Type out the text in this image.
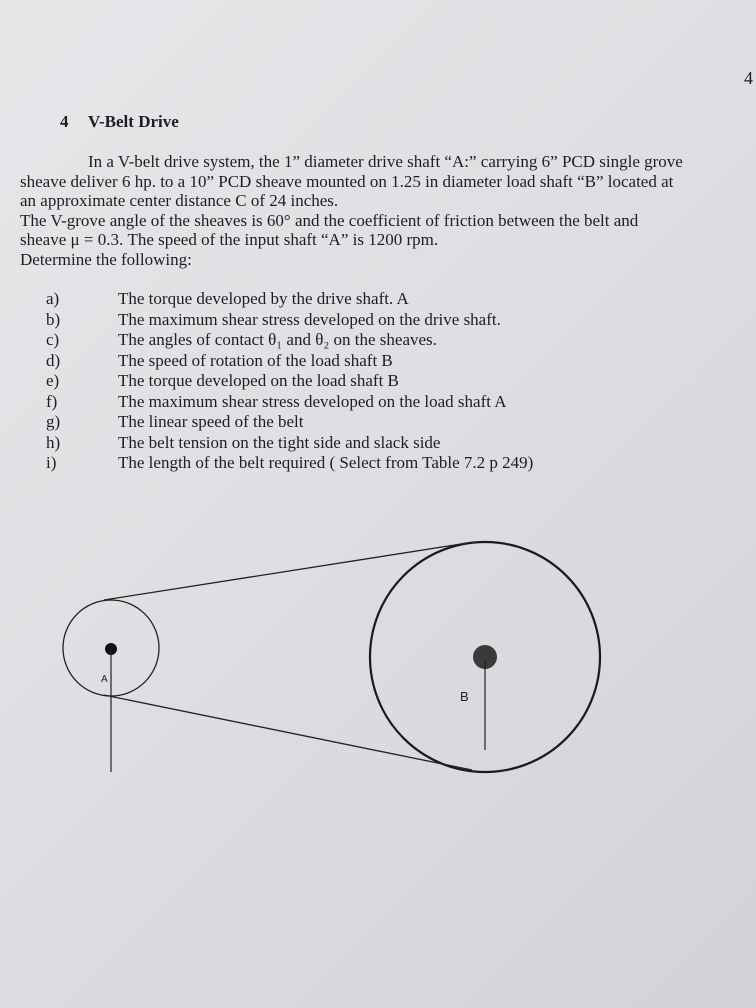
4
4 V-Belt Drive
In a V-belt drive system, the 1” diameter drive shaft “A:” carrying 6” PCD single grove
sheave deliver 6 hp. to a 10” PCD sheave mounted on 1.25 in diameter load shaft “B” located at
an approximate center distance C of 24 inches.
The V-grove angle of the sheaves is 60° and the coefficient of friction between the belt and
sheave μ = 0.3. The speed of the input shaft “A” is 1200 rpm.
Determine the following:
a)	The torque developed by the drive shaft. A
b)	The maximum shear stress developed on the drive shaft.
c)	The angles of contact θ₁ and θ₂ on the sheaves.
d)	The speed of rotation of the load shaft B
e)	The torque developed on the load shaft B
f)	The maximum shear stress developed on the load shaft A
g)	The linear speed of the belt
h)	The belt tension on the tight side and slack side
i)	The length of the belt required ( Select from Table 7.2 p 249)
A
B
